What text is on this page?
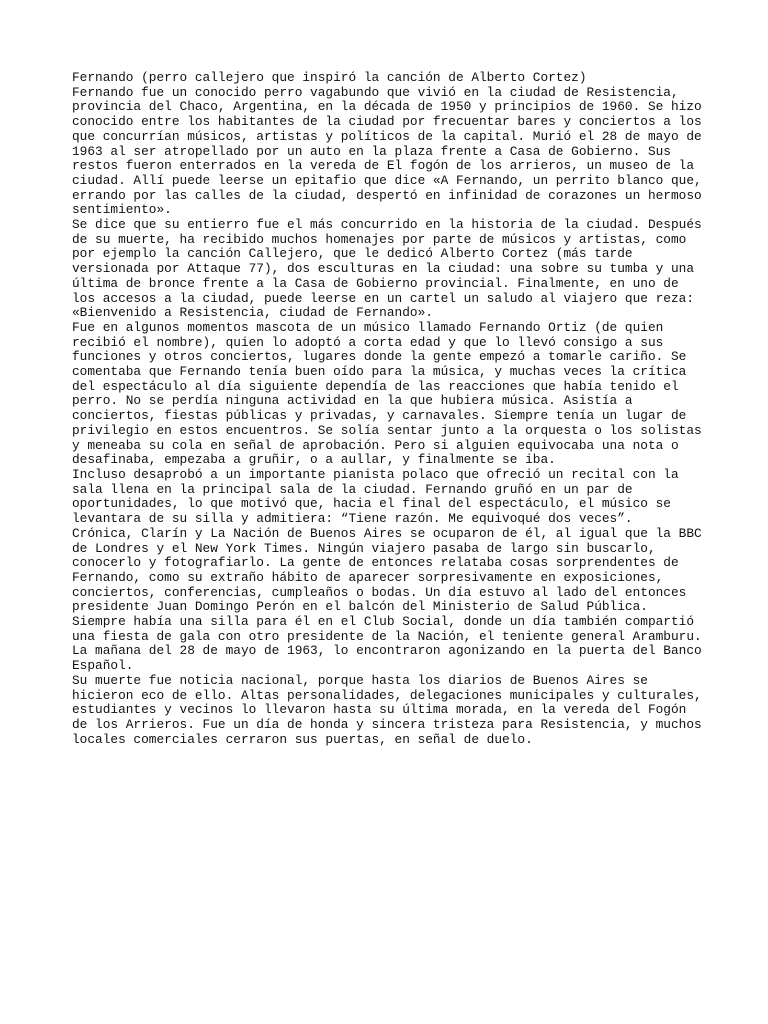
Fernando (perro callejero que inspiró la canción de Alberto Cortez)

Fernando fue un conocido perro vagabundo que vivió en la ciudad de Resistencia, provincia del Chaco, Argentina, en la década de 1950 y principios de 1960. Se hizo conocido entre los habitantes de la ciudad por frecuentar bares y conciertos a los que concurrían músicos, artistas y políticos de la capital. Murió el 28 de mayo de 1963 al ser atropellado por un auto en la plaza frente a Casa de Gobierno. Sus restos fueron enterrados en la vereda de El fogón de los arrieros, un museo de la ciudad. Allí puede leerse un epitafio que dice «A Fernando, un perrito blanco que, errando por las calles de la ciudad, despertó en infinidad de corazones un hermoso sentimiento».

Se dice que su entierro fue el más concurrido en la historia de la ciudad. Después de su muerte, ha recibido muchos homenajes por parte de músicos y artistas, como por ejemplo la canción Callejero, que le dedicó Alberto Cortez (más tarde versionada por Attaque 77), dos esculturas en la ciudad: una sobre su tumba y una última de bronce frente a la Casa de Gobierno provincial. Finalmente, en uno de los accesos a la ciudad, puede leerse en un cartel un saludo al viajero que reza: «Bienvenido a Resistencia, ciudad de Fernando».

Fue en algunos momentos mascota de un músico llamado Fernando Ortiz (de quien recibió el nombre), quien lo adoptó a corta edad y que lo llevó consigo a sus funciones y otros conciertos, lugares donde la gente empezó a tomarle cariño. Se comentaba que Fernando tenía buen oído para la música, y muchas veces la crítica del espectáculo al día siguiente dependía de las reacciones que había tenido el perro. No se perdía ninguna actividad en la que hubiera música. Asistía a conciertos, fiestas públicas y privadas, y carnavales. Siempre tenía un lugar de privilegio en estos encuentros. Se solía sentar junto a la orquesta o los solistas y meneaba su cola en señal de aprobación. Pero si alguien equivocaba una nota o desafinaba, empezaba a gruñir, o a aullar, y finalmente se iba.

Incluso desaprobó a un importante pianista polaco que ofreció un recital con la sala llena en la principal sala de la ciudad. Fernando gruñó en un par de oportunidades, lo que motivó que, hacia el final del espectáculo, el músico se levantara de su silla y admitiera: “Tiene razón. Me equivoqué dos veces”.

Crónica, Clarín y La Nación de Buenos Aires se ocuparon de él, al igual que la BBC de Londres y el New York Times. Ningún viajero pasaba de largo sin buscarlo, conocerlo y fotografiarlo. La gente de entonces relataba cosas sorprendentes de Fernando, como su extraño hábito de aparecer sorpresivamente en exposiciones, conciertos, conferencias, cumpleaños o bodas. Un día estuvo al lado del entonces presidente Juan Domingo Perón en el balcón del Ministerio de Salud Pública. Siempre había una silla para él en el Club Social, donde un día también compartió una fiesta de gala con otro presidente de la Nación, el teniente general Aramburu.

La mañana del 28 de mayo de 1963, lo encontraron agonizando en la puerta del Banco Español.

Su muerte fue noticia nacional, porque hasta los diarios de Buenos Aires se hicieron eco de ello. Altas personalidades, delegaciones municipales y culturales, estudiantes y vecinos lo llevaron hasta su última morada, en la vereda del Fogón de los Arrieros. Fue un día de honda y sincera tristeza para Resistencia, y muchos locales comerciales cerraron sus puertas, en señal de duelo.
